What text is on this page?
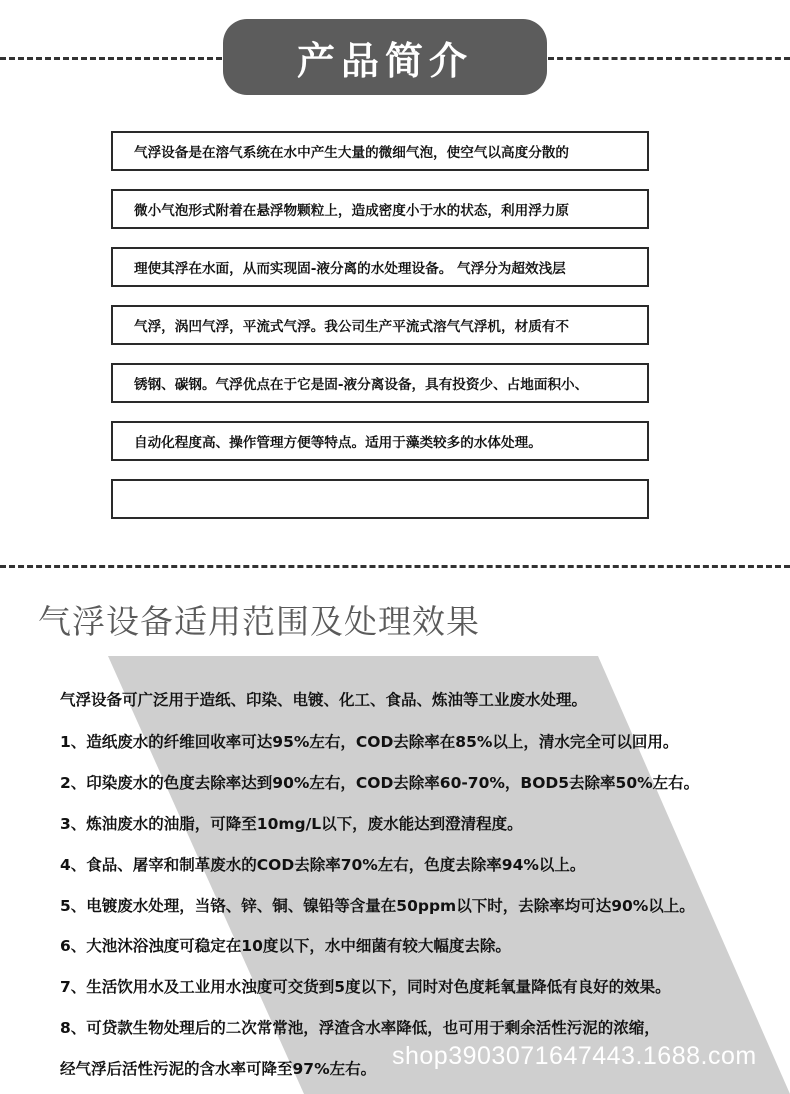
产品简介
气浮设备是在溶气系统在水中产生大量的微细气泡，使空气以高度分散的
微小气泡形式附着在悬浮物颗粒上，造成密度小于水的状态，利用浮力原
理使其浮在水面，从而实现固-液分离的水处理设备。 气浮分为超效浅层
气浮，涡凹气浮，平流式气浮。我公司生产平流式溶气气浮机，材质有不
锈钢、碳钢。气浮优点在于它是固-液分离设备，具有投资少、占地面积小、
自动化程度高、操作管理方便等特点。适用于藻类较多的水体处理。
气浮设备适用范围及处理效果
气浮设备可广泛用于造纸、印染、电镀、化工、食品、炼油等工业废水处理。
1、造纸废水的纤维回收率可达95%左右，COD去除率在85%以上，清水完全可以回用。
2、印染废水的色度去除率达到90%左右，COD去除率60-70%，BOD5去除率50%左右。
3、炼油废水的油脂，可降至10mg/L以下，废水能达到澄清程度。
4、食品、屠宰和制革废水的COD去除率70%左右，色度去除率94%以上。
5、电镀废水处理，当铬、锌、铜、镍铅等含量在50ppm以下时，去除率均可达90%以上。
6、大池沐浴浊度可稳定在10度以下，水中细菌有较大幅度去除。
7、生活饮用水及工业用水浊度可交货到5度以下，同时对色度耗氧量降低有良好的效果。
8、可贷款生物处理后的二次常常池，浮渣含水率降低，也可用于剩余活性污泥的浓缩，
经气浮后活性污泥的含水率可降至97%左右。 shop3903071647443.1688.com
